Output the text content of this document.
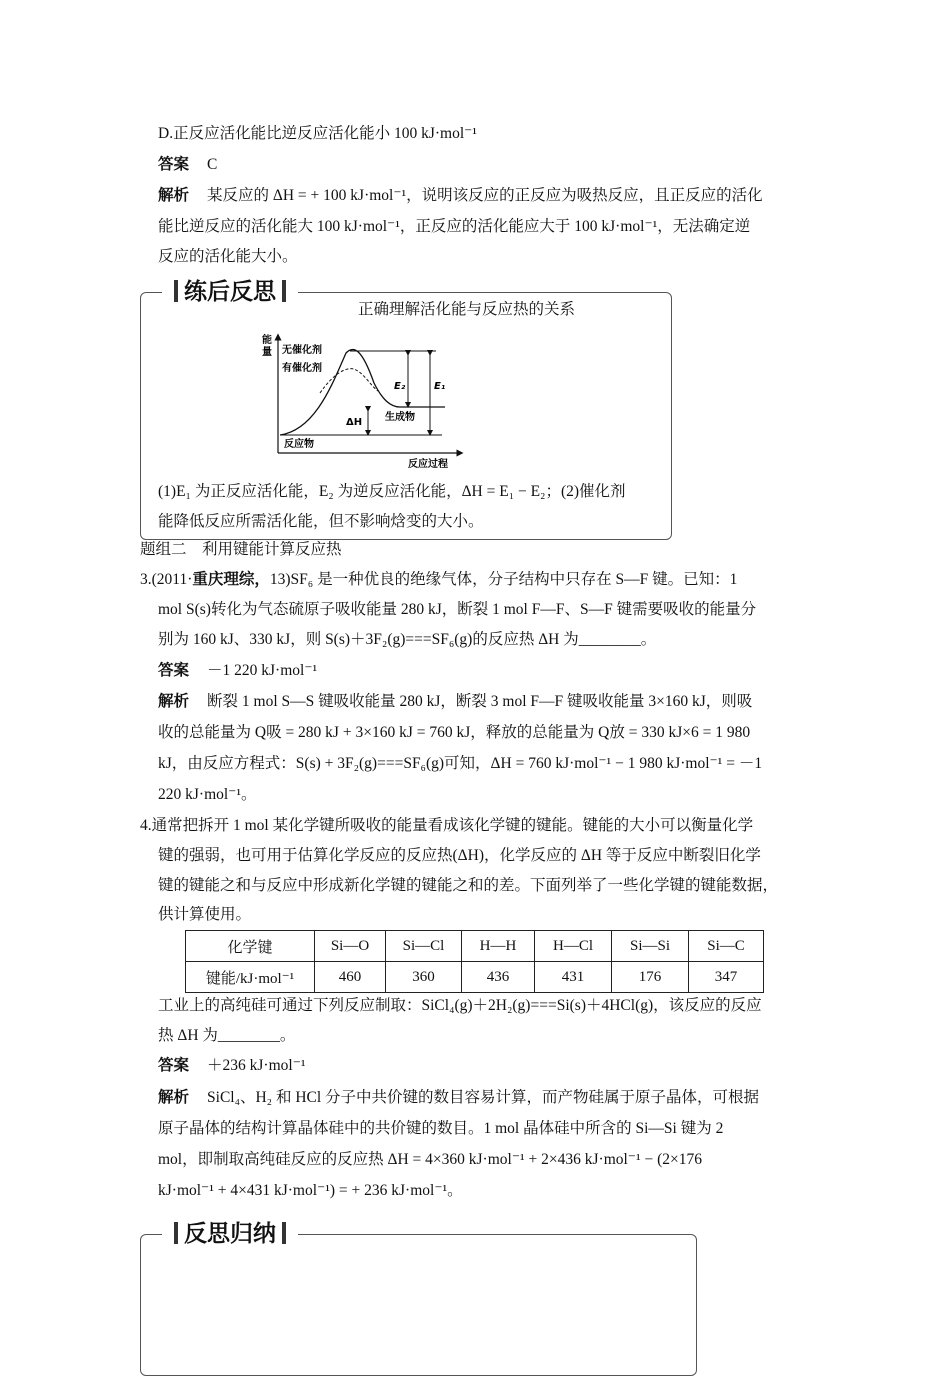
D.正反应活化能比逆反应活化能小 100 kJ·mol⁻¹
答案 C
解析 某反应的 ΔH = + 100 kJ·mol⁻¹，说明该反应的正反应为吸热反应，且正反应的活化
能比逆反应的活化能大 100 kJ·mol⁻¹，正反应的活化能应大于 100 kJ·mol⁻¹，无法确定逆
反应的活化能大小。
练后反思
正确理解活化能与反应热的关系
能
量 无催化剂
有催化剂
反应物
生成物
反应过程
E₂	E₁
ΔH
(1)E₁ 为正反应活化能，E₂ 为逆反应活化能，ΔH = E₁ − E₂；(2)催化剂
能降低反应所需活化能，但不影响焓变的大小。
题组二　利用键能计算反应热
3.(2011·重庆理综，13)SF₆ 是一种优良的绝缘气体，分子结构中只存在 S—F 键。已知：1
mol S(s)转化为气态硫原子吸收能量 280 kJ，断裂 1 mol F—F、S—F 键需要吸收的能量分
别为 160 kJ、330 kJ，则 S(s)＋3F₂(g)===SF₆(g)的反应热 ΔH 为________。
答案 －1 220 kJ·mol⁻¹
解析 断裂 1 mol S—S 键吸收能量 280 kJ，断裂 3 mol F—F 键吸收能量 3×160 kJ，则吸
收的总能量为 Q吸 = 280 kJ + 3×160 kJ = 760 kJ，释放的总能量为 Q放 = 330 kJ×6 = 1 980
kJ，由反应方程式：S(s) + 3F₂(g)===SF₆(g)可知，ΔH = 760 kJ·mol⁻¹ − 1 980 kJ·mol⁻¹ = －1
220 kJ·mol⁻¹。
4.通常把拆开 1 mol 某化学键所吸收的能量看成该化学键的键能。键能的大小可以衡量化学
键的强弱，也可用于估算化学反应的反应热(ΔH)，化学反应的 ΔH 等于反应中断裂旧化学
键的键能之和与反应中形成新化学键的键能之和的差。下面列举了一些化学键的键能数据，
供计算使用。
化学键	Si—O	Si—Cl	H—H	H—Cl	Si—Si	Si—C
键能/kJ·mol⁻¹	460	360	436	431	176	347
工业上的高纯硅可通过下列反应制取：SiCl₄(g)＋2H₂(g)===Si(s)＋4HCl(g)，该反应的反应
热 ΔH 为________。
答案 ＋236 kJ·mol⁻¹
解析 SiCl₄、H₂ 和 HCl 分子中共价键的数目容易计算，而产物硅属于原子晶体，可根据
原子晶体的结构计算晶体硅中的共价键的数目。1 mol 晶体硅中所含的 Si—Si 键为 2
mol，即制取高纯硅反应的反应热 ΔH = 4×360 kJ·mol⁻¹ + 2×436 kJ·mol⁻¹ − (2×176
kJ·mol⁻¹ + 4×431 kJ·mol⁻¹) = + 236 kJ·mol⁻¹。
反思归纳
